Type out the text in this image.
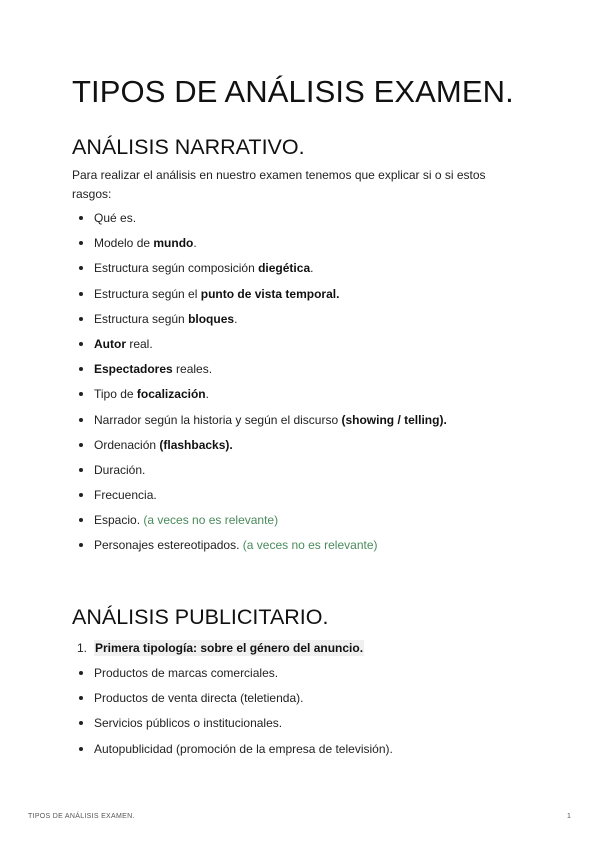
TIPOS DE ANÁLISIS EXAMEN.
ANÁLISIS NARRATIVO.

Para realizar el análisis en nuestro examen tenemos que explicar si o si estos rasgos:

Qué es.
Modelo de mundo.
Estructura según composición diegética.
Estructura según el punto de vista temporal.
Estructura según bloques.
Autor real.
Espectadores reales.
Tipo de focalización.
Narrador según la historia y según el discurso (showing / telling).
Ordenación (flashbacks).
Duración.
Frecuencia.
Espacio. (a veces no es relevante)
Personajes estereotipados. (a veces no es relevante)
ANÁLISIS PUBLICITARIO.
1. Primera tipología: sobre el género del anuncio.
Productos de marcas comerciales.
Productos de venta directa (teletienda).
Servicios públicos o institucionales.
Autopublicidad (promoción de la empresa de televisión).
TIPOS DE ANÁLISIS EXAMEN.	1
